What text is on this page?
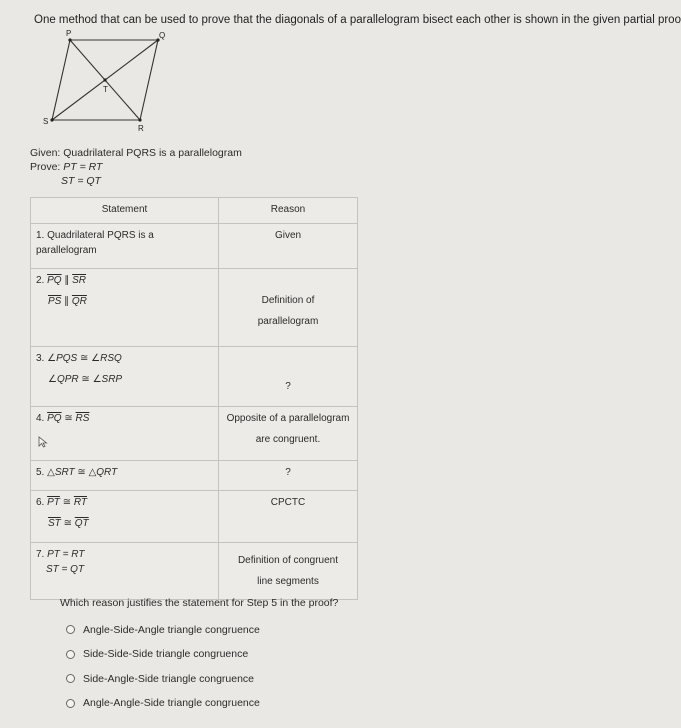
One method that can be used to prove that the diagonals of a parallelogram bisect each other is shown in the given partial proo
P	Q
R
S
T
Given: Quadrilateral PQRS is a parallelogram
Prove: PT = RT
ST = QT
Statement	Reason

1. Quadrilateral PQRS is a parallelogram	Given

2. $\overline{PQ}$ ∥ $\overline{SR}$
$\overline{PS}$ ∥ $\overline{QR}$	Definition of
parallelogram

3. ∠PQS ≅ ∠RSQ
∠QPR ≅ ∠SRP	?

4. $\overline{PQ}$ ≅ $\overline{RS}$	Opposite of a parallelogram
are congruent.

5. △SRT ≅ △QRT	?

6. $\overline{PT}$ ≅ $\overline{RT}$
$\overline{ST}$ ≅ $\overline{QT}$	CPCTC

7. PT = RT
ST = QT	Definition of congruent
line segments
Which reason justifies the statement for Step 5 in the proof?
Angle-Side-Angle triangle congruence
Side-Side-Side triangle congruence
Side-Angle-Side triangle congruence
Angle-Angle-Side triangle congruence
